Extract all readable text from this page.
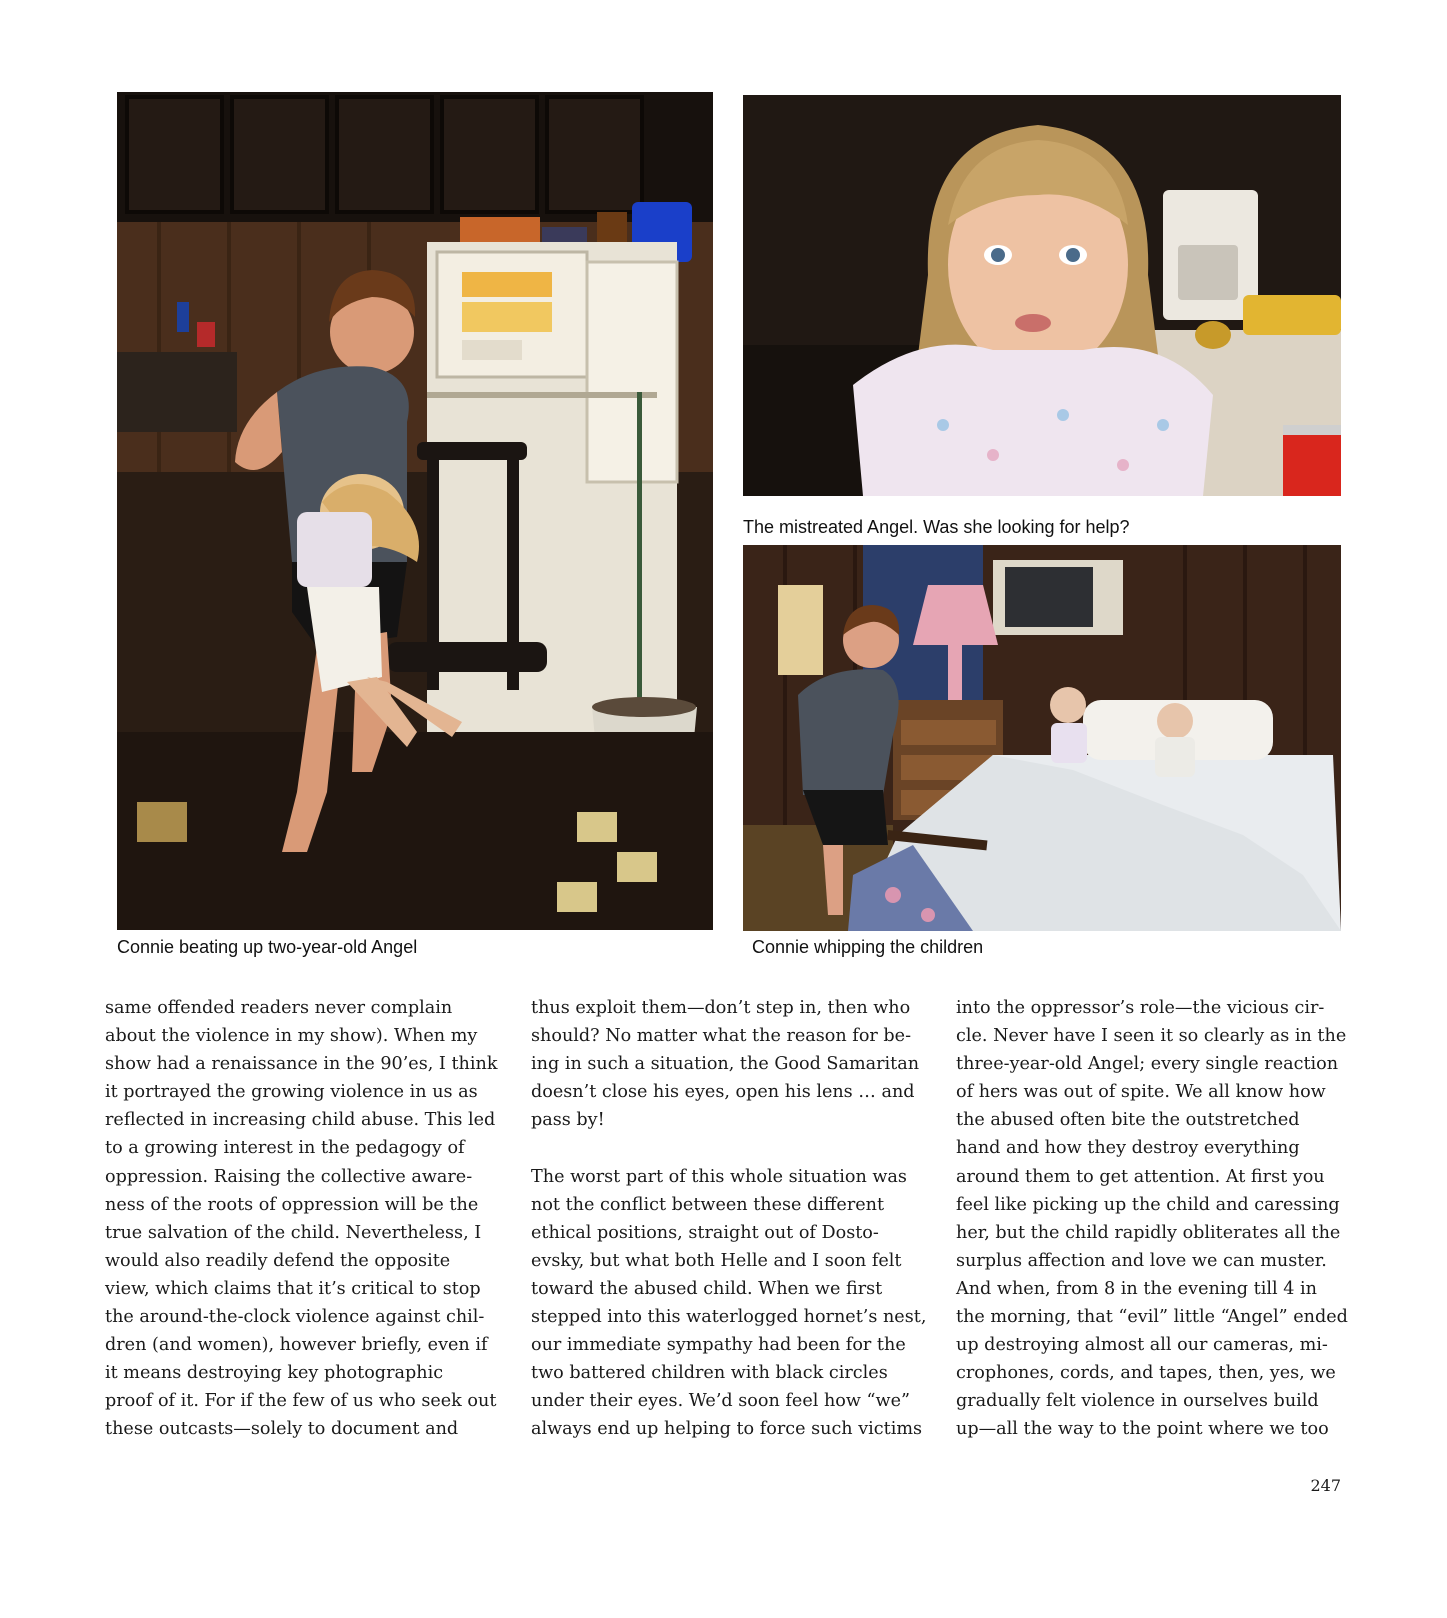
Connie beating up two-year-old Angel
The mistreated Angel. Was she looking for help?
Connie whipping the children
same offended readers never complain
about the violence in my show). When my
show had a renaissance in the 90’es, I think
it portrayed the growing violence in us as
reflected in increasing child abuse. This led
to a growing interest in the pedagogy of
oppression. Raising the collective aware-
ness of the roots of oppression will be the
true salvation of the child. Nevertheless, I
would also readily defend the opposite
view, which claims that it’s critical to stop
the around-the-clock violence against chil-
dren (and women), however briefly, even if
it means destroying key photographic
proof of it. For if the few of us who seek out
these outcasts—solely to document and
thus exploit them—don’t step in, then who
should? No matter what the reason for be-
ing in such a situation, the Good Samaritan
doesn’t close his eyes, open his lens … and
pass by!
The worst part of this whole situation was
not the conflict between these different
ethical positions, straight out of Dosto-
evsky, but what both Helle and I soon felt
toward the abused child. When we first
stepped into this waterlogged hornet’s nest,
our immediate sympathy had been for the
two battered children with black circles
under their eyes. We’d soon feel how “we”
always end up helping to force such victims
into the oppressor’s role—the vicious cir-
cle. Never have I seen it so clearly as in the
three-year-old Angel; every single reaction
of hers was out of spite. We all know how
the abused often bite the outstretched
hand and how they destroy everything
around them to get attention. At first you
feel like picking up the child and caressing
her, but the child rapidly obliterates all the
surplus affection and love we can muster.
And when, from 8 in the evening till 4 in
the morning, that “evil” little “Angel” ended
up destroying almost all our cameras, mi-
crophones, cords, and tapes, then, yes, we
gradually felt violence in ourselves build
up—all the way to the point where we too
247
